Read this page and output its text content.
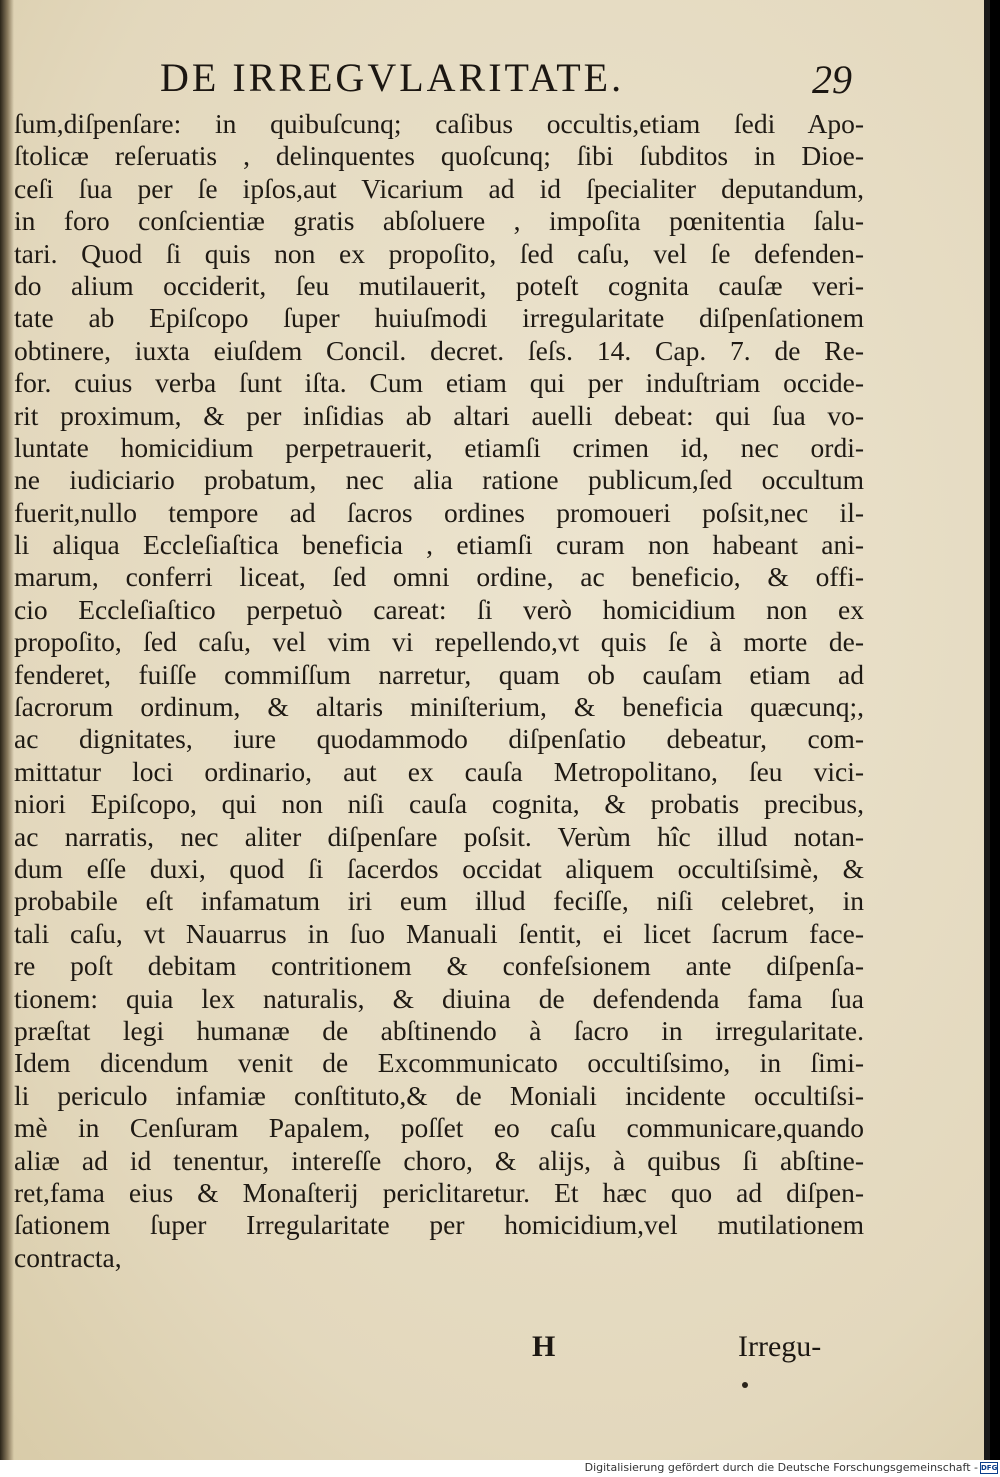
DE IRREGVLARITATE.	29
ſum,diſpenſare: in quibuſcunq; caſibus occultis,etiam ſedi Apo-
ſtolicæ reſeruatis , delinquentes quoſcunq; ſibi ſubditos in Dioe-
ceſi ſua per ſe ipſos,aut Vicarium ad id ſpecialiter deputandum,
in foro conſcientiæ gratis abſoluere , impoſita pœnitentia ſalu-
tari. Quod ſi quis non ex propoſito, ſed caſu, vel ſe defenden-
do alium occiderit, ſeu mutilauerit, poteſt cognita cauſæ veri-
tate ab Epiſcopo ſuper huiuſmodi irregularitate diſpenſationem
obtinere, iuxta eiuſdem Concil. decret. ſeſs. 14. Cap. 7. de Re-
for. cuius verba ſunt iſta. Cum etiam qui per induſtriam occide-
rit proximum, & per inſidias ab altari auelli debeat: qui ſua vo-
luntate homicidium perpetrauerit, etiamſi crimen id, nec ordi-
ne iudiciario probatum, nec alia ratione publicum,ſed occultum
fuerit,nullo tempore ad ſacros ordines promoueri poſsit,nec il-
li aliqua Eccleſiaſtica beneficia , etiamſi curam non habeant ani-
marum, conferri liceat, ſed omni ordine, ac beneficio, & offi-
cio Eccleſiaſtico perpetuò careat: ſi verò homicidium non ex
propoſito, ſed caſu, vel vim vi repellendo,vt quis ſe à morte de-
fenderet, fuiſſe commiſſum narretur, quam ob cauſam etiam ad
ſacrorum ordinum, & altaris miniſterium, & beneficia quæcunq;,
ac dignitates, iure quodammodo diſpenſatio debeatur, com-
mittatur loci ordinario, aut ex cauſa Metropolitano, ſeu vici-
niori Epiſcopo, qui non niſi cauſa cognita, & probatis precibus,
ac narratis, nec aliter diſpenſare poſsit. Verùm hîc illud notan-
dum eſſe duxi, quod ſi ſacerdos occidat aliquem occultiſsimè, &
probabile eſt infamatum iri eum illud feciſſe, niſi celebret, in
tali caſu, vt Nauarrus in ſuo Manuali ſentit, ei licet ſacrum face-
re poſt debitam contritionem & confeſsionem ante diſpenſa-
tionem: quia lex naturalis, & diuina de defendenda fama ſua
præſtat legi humanæ de abſtinendo à ſacro in irregularitate.
Idem dicendum venit de Excommunicato occultiſsimo, in ſimi-
li periculo infamiæ conſtituto,& de Moniali incidente occultiſsi-
mè in Cenſuram Papalem, poſſet eo caſu communicare,quando
aliæ ad id tenentur, intereſſe choro, & alijs, à quibus ſi abſtine-
ret,fama eius & Monaſterij periclitaretur. Et hæc quo ad diſpen-
ſationem ſuper Irregularitate per homicidium,vel mutilationem
contracta,
H	Irregu-
Digitalisierung gefördert durch die Deutsche Forschungsgemeinschaft - DFG
